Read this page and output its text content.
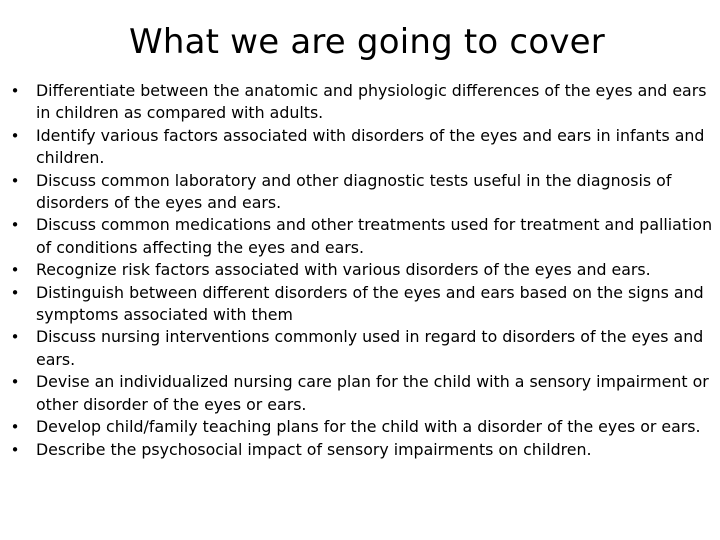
What we are going to cover
•	Differentiate between the anatomic and physiologic differences of the eyes and ears in children as compared with adults.
•	Identify various factors associated with disorders of the eyes and ears in infants and children.
•	Discuss common laboratory and other diagnostic tests useful in the diagnosis of disorders of the eyes and ears.
•	Discuss common medications and other treatments used for treatment and palliation of conditions affecting the eyes and ears.
•	Recognize risk factors associated with various disorders of the eyes and ears.
•	Distinguish between different disorders of the eyes and ears based on the signs and symptoms associated with them
•	Discuss nursing interventions commonly used in regard to disorders of the eyes and ears.
•	Devise an individualized nursing care plan for the child with a sensory impairment or other disorder of the eyes or ears.
•	Develop child/family teaching plans for the child with a disorder of the eyes or ears.
•	Describe the psychosocial impact of sensory impairments on children.
